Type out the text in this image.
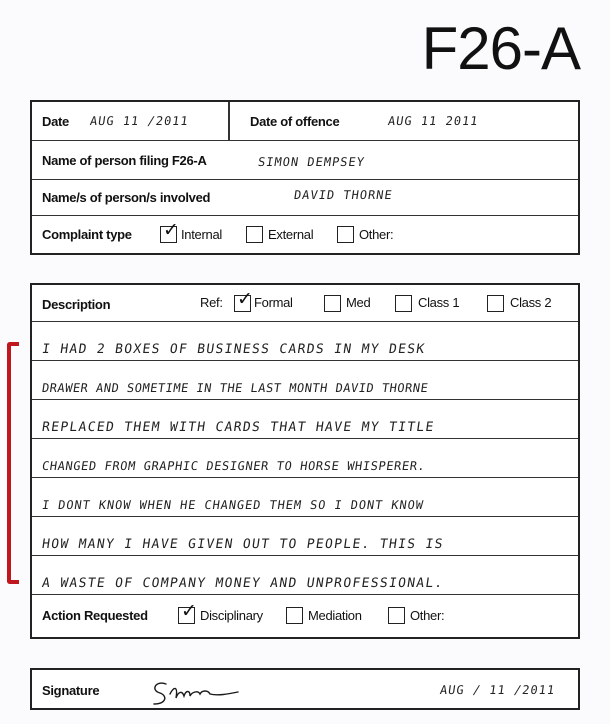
F26-A
Date AUG 11 /2011	Date of offence	AUG 11 2011
Name of person filing F26-A	SIMON DEMPSEY
Name/s of person/s involved	DAVID THORNE
Complaint type ✓ Internal	External	Other:
Description	Ref: ✓ Formal	Med	Class 1	Class 2
I HAD 2 BOXES OF BUSINESS CARDS IN MY DESK
DRAWER AND SOMETIME IN THE LAST MONTH DAVID THORNE
REPLACED THEM WITH CARDS THAT HAVE MY TITLE
CHANGED FROM GRAPHIC DESIGNER TO HORSE WHISPERER.
I DONT KNOW WHEN HE CHANGED THEM SO I DONT KNOW
HOW MANY I HAVE GIVEN OUT TO PEOPLE. THIS IS
A WASTE OF COMPANY MONEY AND UNPROFESSIONAL.
Action Requested ✓ Disciplinary	Mediation	Other:
Signature	AUG / 11 /2011
